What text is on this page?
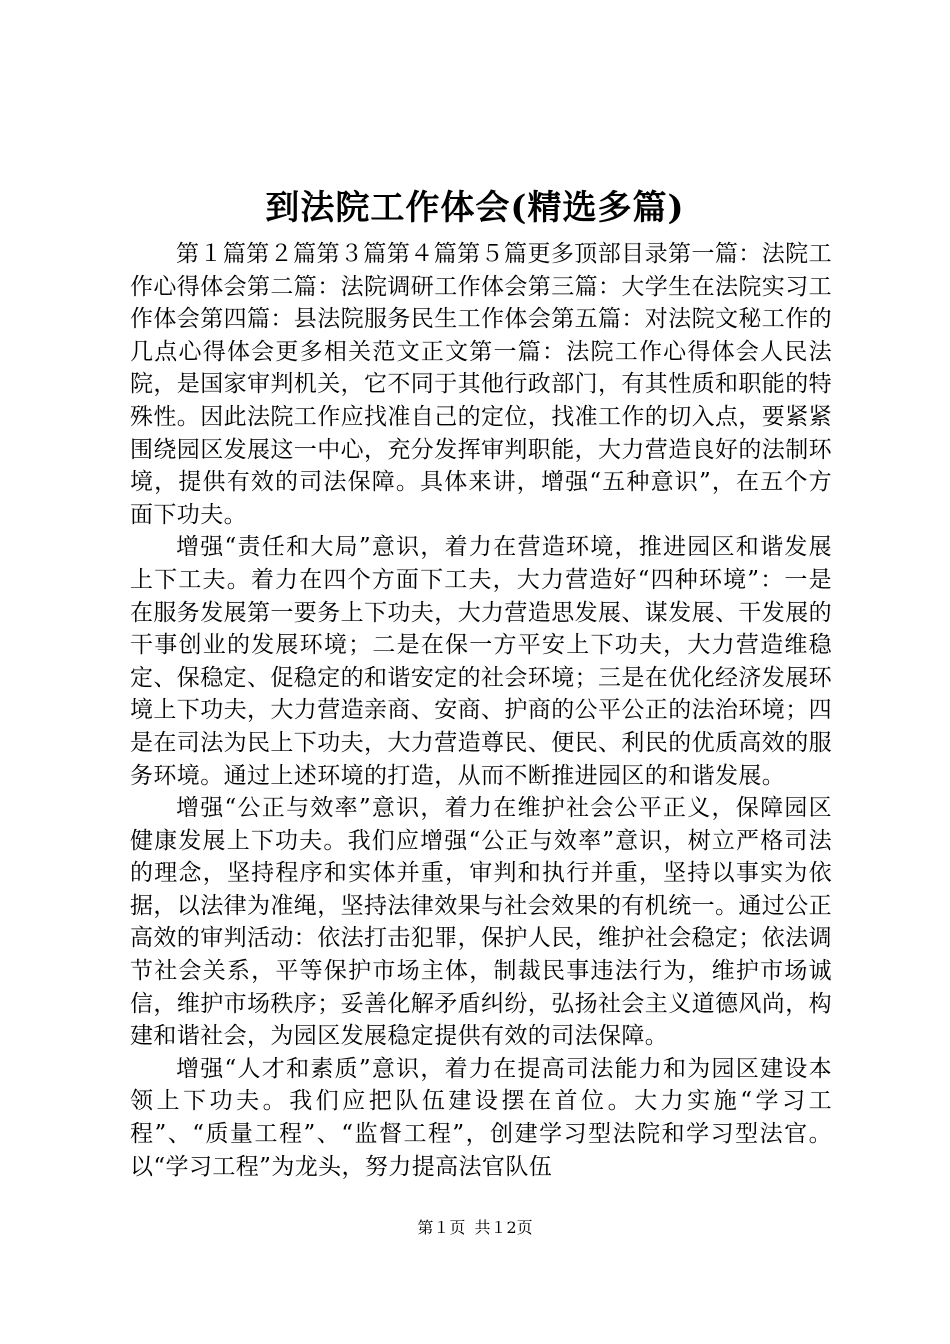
到法院工作体会(精选多篇)

第１篇第２篇第３篇第４篇第５篇更多顶部目录第一篇：法院工作心得体会第二篇：法院调研工作体会第三篇：大学生在法院实习工作体会第四篇：县法院服务民生工作体会第五篇：对法院文秘工作的几点心得体会更多相关范文正文第一篇：法院工作心得体会人民法院，是国家审判机关，它不同于其他行政部门，有其性质和职能的特殊性。因此法院工作应找准自己的定位，找准工作的切入点，要紧紧围绕园区发展这一中心，充分发挥审判职能，大力营造良好的法制环境，提供有效的司法保障。具体来讲，增强“五种意识”，在五个方面下功夫。

增强“责任和大局”意识，着力在营造环境，推进园区和谐发展上下工夫。着力在四个方面下工夫，大力营造好“四种环境”：一是在服务发展第一要务上下功夫，大力营造思发展、谋发展、干发展的干事创业的发展环境；二是在保一方平安上下功夫，大力营造维稳定、保稳定、促稳定的和谐安定的社会环境；三是在优化经济发展环境上下功夫，大力营造亲商、安商、护商的公平公正的法治环境；四是在司法为民上下功夫，大力营造尊民、便民、利民的优质高效的服务环境。通过上述环境的打造，从而不断推进园区的和谐发展。

增强“公正与效率”意识，着力在维护社会公平正义，保障园区健康发展上下功夫。我们应增强“公正与效率”意识，树立严格司法的理念，坚持程序和实体并重，审判和执行并重，坚持以事实为依据，以法律为准绳，坚持法律效果与社会效果的有机统一。通过公正高效的审判活动：依法打击犯罪，保护人民，维护社会稳定；依法调节社会关系，平等保护市场主体，制裁民事违法行为，维护市场诚信，维护市场秩序；妥善化解矛盾纠纷，弘扬社会主义道德风尚，构建和谐社会，为园区发展稳定提供有效的司法保障。

增强“人才和素质”意识，着力在提高司法能力和为园区建设本领上下功夫。我们应把队伍建设摆在首位。大力实施“学习工程”、“质量工程”、“监督工程”，创建学习型法院和学习型法官。以“学习工程”为龙头，努力提高法官队伍

第１页 共１2页
